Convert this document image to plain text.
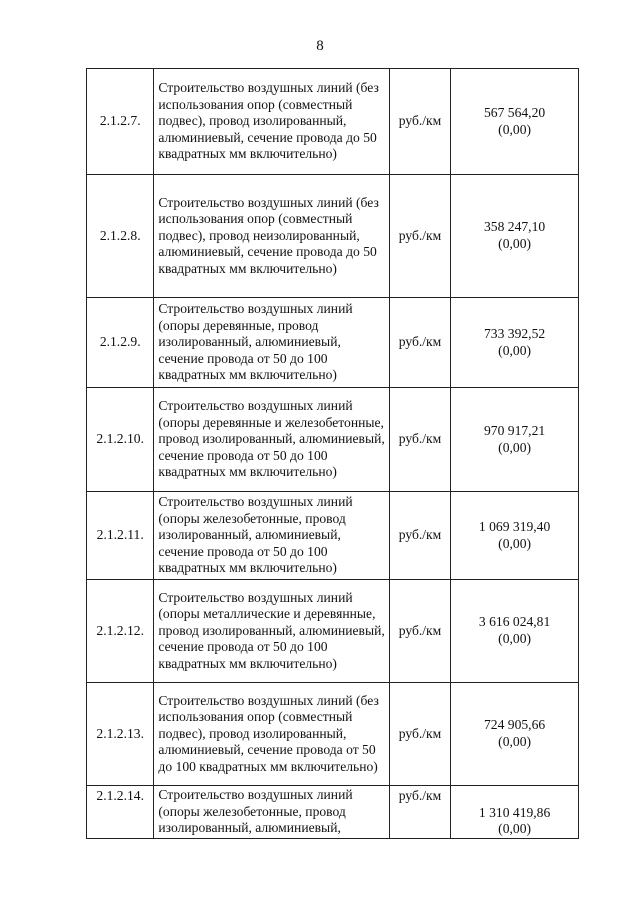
8
2.1.2.7.	Строительство воздушных линий (без использования опор (совместный подвес), провод изолированный, алюминиевый, сечение провода до 50 квадратных мм включительно)	руб./км	567 564,20
(0,00)

2.1.2.8.	Строительство воздушных линий (без использования опор (совместный подвес), провод неизолированный, алюминиевый, сечение провода до 50 квадратных мм включительно)	руб./км	358 247,10
(0,00)

2.1.2.9.	Строительство воздушных линий (опоры деревянные, провод изолированный, алюминиевый, сечение провода от 50 до 100 квадратных мм включительно)	руб./км	733 392,52
(0,00)

2.1.2.10.	Строительство воздушных линий (опоры деревянные и железобетонные, провод изолированный, алюминиевый, сечение провода от 50 до 100 квадратных мм включительно)	руб./км	970 917,21
(0,00)

2.1.2.11.	Строительство воздушных линий (опоры железобетонные, провод изолированный, алюминиевый, сечение провода от 50 до 100 квадратных мм включительно)	руб./км	1 069 319,40
(0,00)

2.1.2.12.	Строительство воздушных линий (опоры металлические и деревянные, провод изолированный, алюминиевый, сечение провода от 50 до 100 квадратных мм включительно)	руб./км	3 616 024,81
(0,00)

2.1.2.13.	Строительство воздушных линий (без использования опор (совместный подвес), провод изолированный, алюминиевый, сечение провода от 50 до 100 квадратных мм включительно)	руб./км	724 905,66
(0,00)

2.1.2.14.	Строительство воздушных линий (опоры железобетонные, провод изолированный, алюминиевый,	руб./км	1 310 419,86
(0,00)
